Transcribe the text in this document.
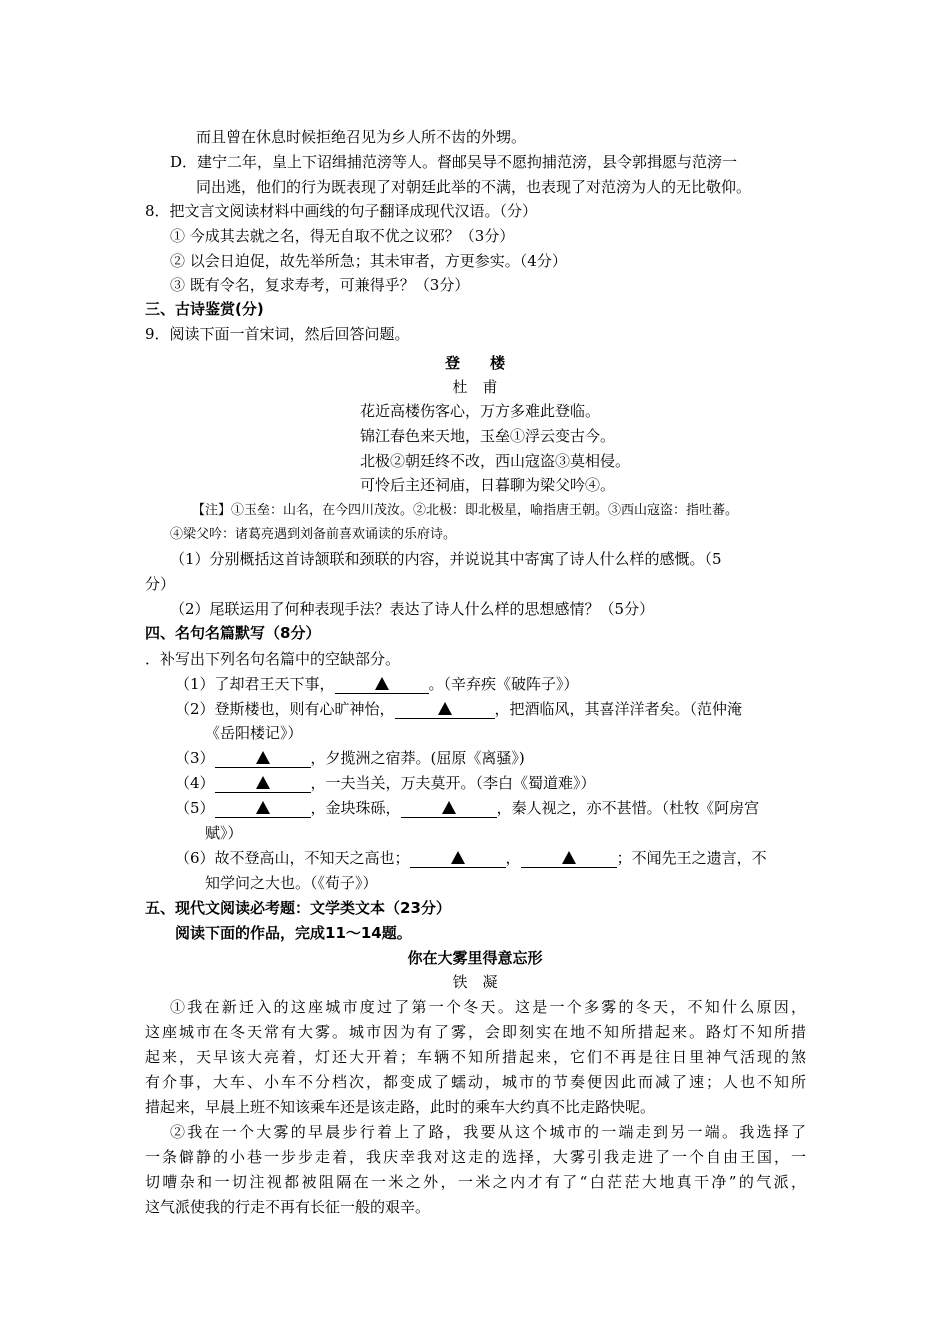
而且曾在休息时候拒绝召见为乡人所不齿的外甥。
D．建宁二年，皇上下诏缉捕范滂等人。督邮吴导不愿拘捕范滂，县令郭揖愿与范滂一
同出逃，他们的行为既表现了对朝廷此举的不满，也表现了对范滂为人的无比敬仰。
8．把文言文阅读材料中画线的句子翻译成现代汉语。（分）
① 今成其去就之名，得无自取不优之议邪？（3分）
② 以会日迫促，故先举所急；其未审者，方更参实。（4分）
③ 既有令名，复求寿考，可兼得乎？（3分）
三、古诗鉴赏(分)
9．阅读下面一首宋词，然后回答问题。
登　　楼
杜　甫
花近高楼伤客心，万方多难此登临。
锦江春色来天地，玉垒①浮云变古今。
北极②朝廷终不改，西山寇盗③莫相侵。
可怜后主还祠庙，日暮聊为梁父吟④。
【注】①玉垒：山名，在今四川茂汝。②北极：即北极星，喻指唐王朝。③西山寇盗：指吐蕃。
④梁父吟：诸葛亮遇到刘备前喜欢诵读的乐府诗。
（1）分别概括这首诗颔联和颈联的内容，并说说其中寄寓了诗人什么样的感慨。（5
分）
（2）尾联运用了何种表现手法？表达了诗人什么样的思想感情？（5分）
四、名句名篇默写（8分）
．补写出下列名句名篇中的空缺部分。
（1）了却君王天下事，	。（辛弃疾《破阵子》）
（2）登斯楼也，则有心旷神怡，	，把酒临风，其喜洋洋者矣。（范仲淹
《岳阳楼记》）
（3）	，夕揽洲之宿莽。(屈原《离骚》)
（4）	，一夫当关，万夫莫开。（李白《蜀道难》）
（5）	，金块珠砾，	，秦人视之，亦不甚惜。（杜牧《阿房宫
赋》）
（6）故不登高山，不知天之高也；	，	；不闻先王之遗言，不
知学问之大也。（《荀子》）
五、现代文阅读必考题：文学类文本（23分）
阅读下面的作品，完成11～14题。
你在大雾里得意忘形
铁　凝
①我在新迁入的这座城市度过了第一个冬天。这是一个多雾的冬天，不知什么原因，
这座城市在冬天常有大雾。城市因为有了雾，会即刻实在地不知所措起来。路灯不知所措
起来，天早该大亮着，灯还大开着；车辆不知所措起来，它们不再是往日里神气活现的煞
有介事，大车、小车不分档次，都变成了蠕动，城市的节奏便因此而减了速；人也不知所
措起来，早晨上班不知该乘车还是该走路，此时的乘车大约真不比走路快呢。
②我在一个大雾的早晨步行着上了路，我要从这个城市的一端走到另一端。我选择了
一条僻静的小巷一步步走着，我庆幸我对这走的选择，大雾引我走进了一个自由王国，一
切嘈杂和一切注视都被阻隔在一米之外，一米之内才有了“白茫茫大地真干净”的气派，
这气派使我的行走不再有长征一般的艰辛。
